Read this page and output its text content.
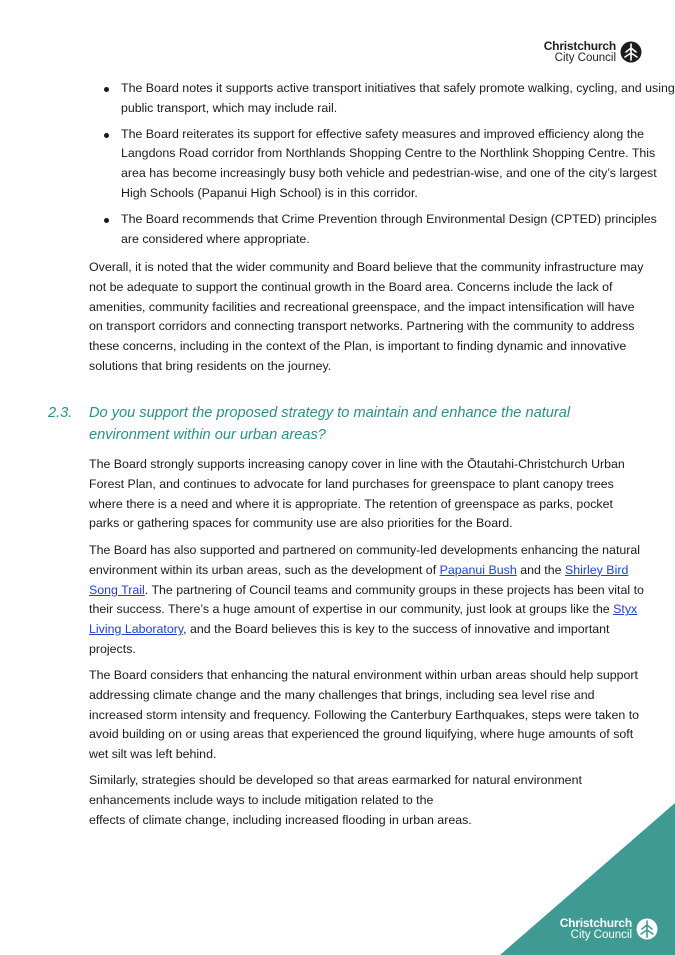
Christchurch
City Council
The Board notes it supports active transport initiatives that safely promote walking, cycling, and using public transport, which may include rail.
The Board reiterates its support for effective safety measures and improved efficiency along the Langdons Road corridor from Northlands Shopping Centre to the Northlink Shopping Centre. This area has become increasingly busy both vehicle and pedestrian-wise, and one of the city’s largest High Schools (Papanui High School) is in this corridor.
The Board recommends that Crime Prevention through Environmental Design (CPTED) principles are considered where appropriate.

Overall, it is noted that the wider community and Board believe that the community infrastructure may not be adequate to support the continual growth in the Board area. Concerns include the lack of amenities, community facilities and recreational greenspace, and the impact intensification will have on transport corridors and connecting transport networks. Partnering with the community to address these concerns, including in the context of the Plan, is important to finding dynamic and innovative solutions that bring residents on the journey.

2.3. Do you support the proposed strategy to maintain and enhance the natural environment within our urban areas?

The Board strongly supports increasing canopy cover in line with the Ōtautahi-Christchurch Urban Forest Plan, and continues to advocate for land purchases for greenspace to plant canopy trees where there is a need and where it is appropriate. The retention of greenspace as parks, pocket parks or gathering spaces for community use are also priorities for the Board.

The Board has also supported and partnered on community-led developments enhancing the natural environment within its urban areas, such as the development of Papanui Bush and the Shirley Bird Song Trail. The partnering of Council teams and community groups in these projects has been vital to their success. There’s a huge amount of expertise in our community, just look at groups like the Styx Living Laboratory, and the Board believes this is key to the success of innovative and important projects.

The Board considers that enhancing the natural environment within urban areas should help support addressing climate change and the many challenges that brings, including sea level rise and increased storm intensity and frequency. Following the Canterbury Earthquakes, steps were taken to avoid building on or using areas that experienced the ground liquifying, where huge amounts of soft wet silt was left behind.

Similarly, strategies should be developed so that areas earmarked for natural environment enhancements include ways to include mitigation related to the
effects of climate change, including increased flooding in urban areas.

Christchurch
City Council
